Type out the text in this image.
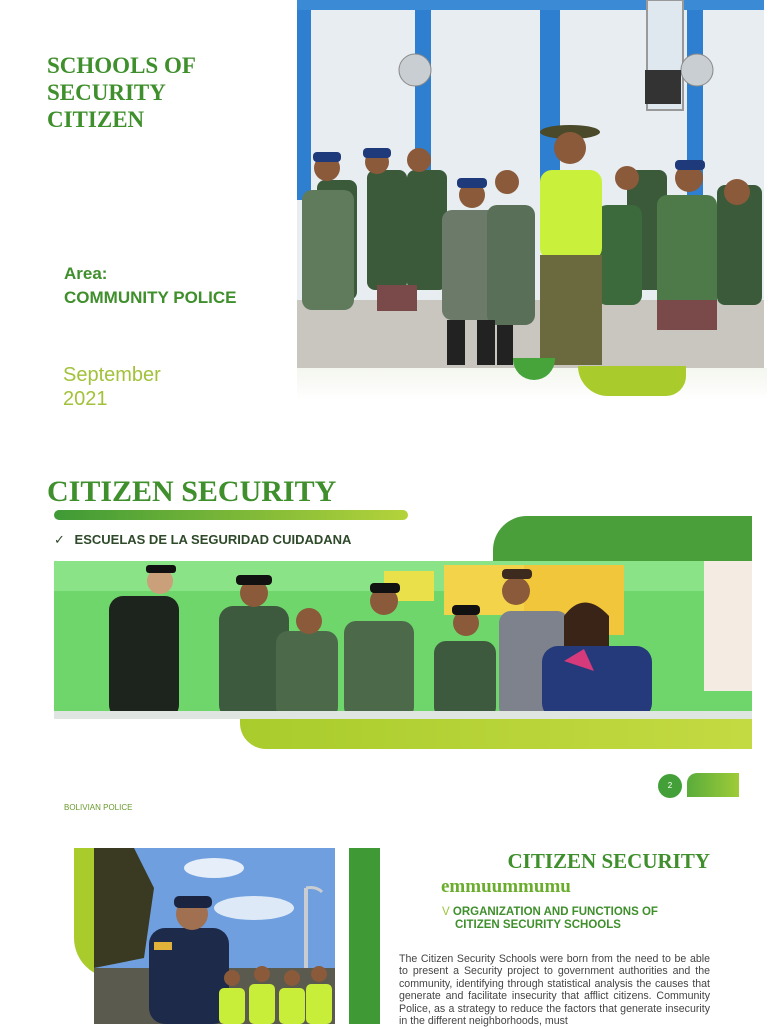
SCHOOLS OF
SECURITY
CITIZEN
Area:
COMMUNITY POLICE
September
2021
CITIZEN SECURITY
✓ ESCUELAS DE LA SEGURIDAD CUIDADANA
2
BOLIVIAN POLICE
CITIZEN SECURITY
emmuummumu
V ORGANIZATION AND FUNCTIONS OF
CITIZEN SECURITY SCHOOLS
The Citizen Security Schools were born from the need to be able to present a Security project to government authorities and the community, identifying through statistical analysis the causes that generate and facilitate insecurity that afflict citizens. Community Police, as a strategy to reduce the factors that generate insecurity in the different neighborhoods, must
